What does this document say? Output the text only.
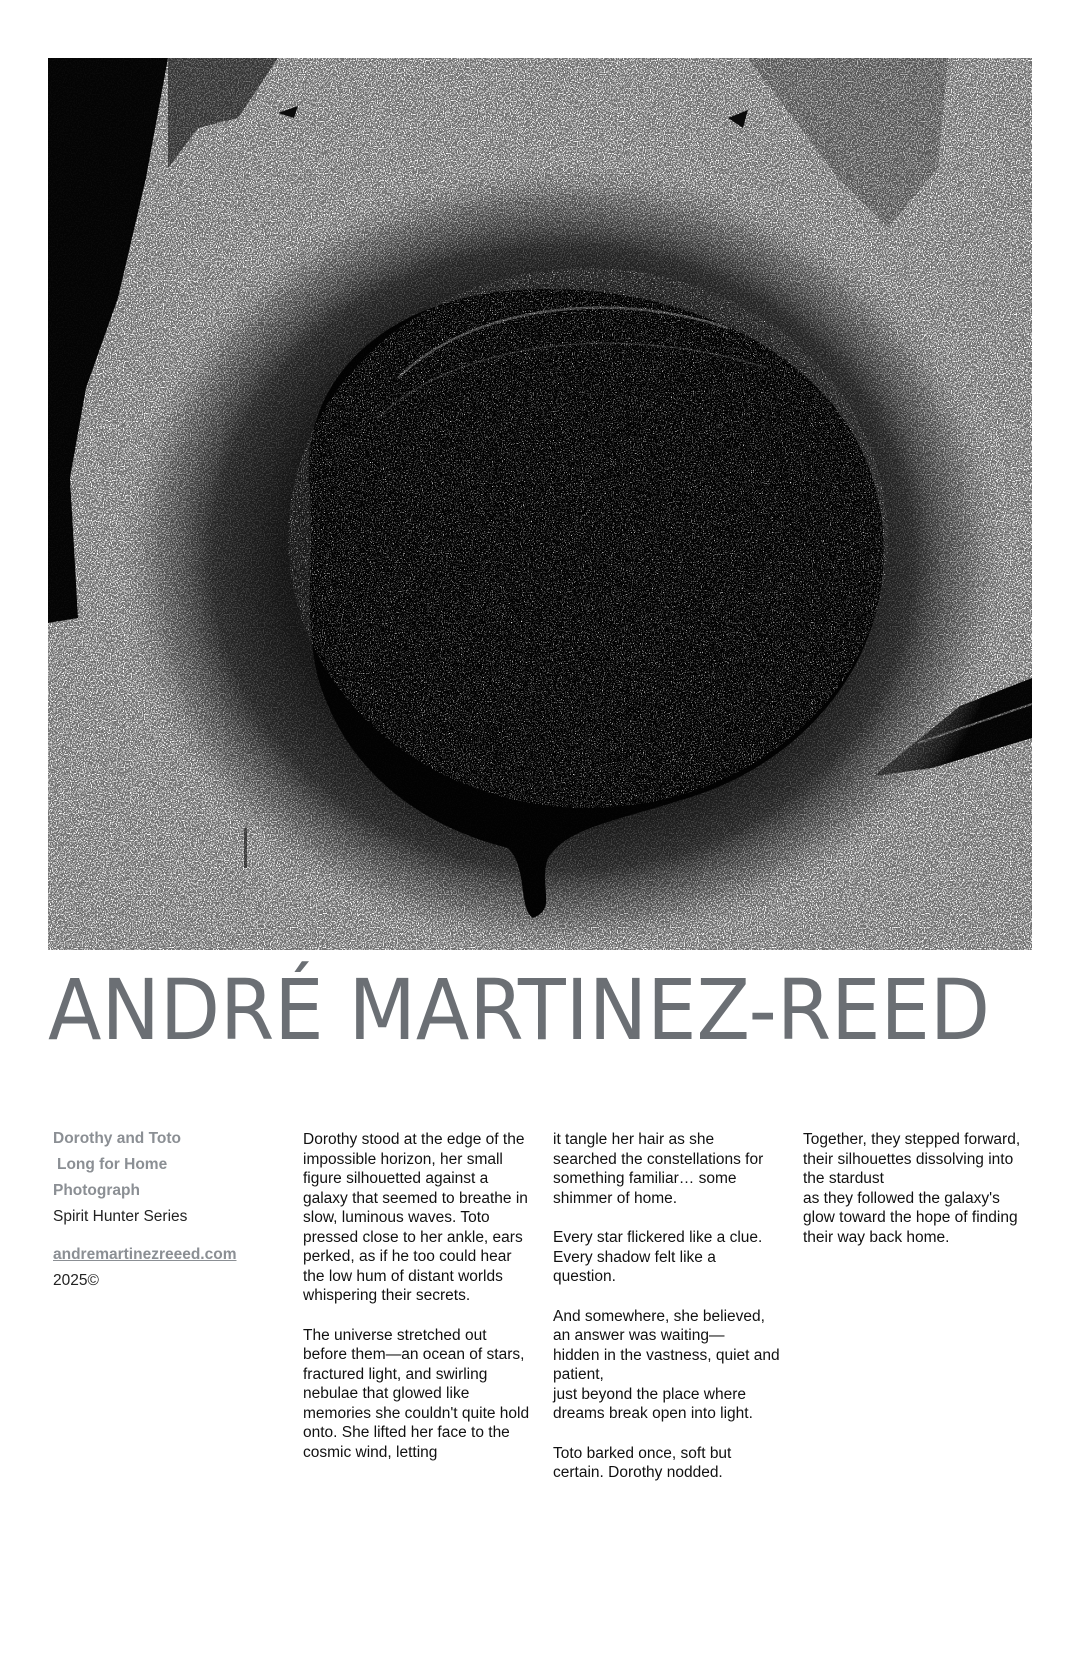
ANDRÉ MARTINEZ-REED
Dorothy and Toto
Long for Home
Photograph
Spirit Hunter Series
andremartinezreeed.com
2025©

Dorothy stood at the edge of the impossible horizon, her small figure silhouetted against a galaxy that seemed to breathe in slow, luminous waves. Toto pressed close to her ankle, ears perked, as if he too could hear the low hum of distant worlds whispering their secrets.

The universe stretched out before them—an ocean of stars, fractured light, and swirling nebulae that glowed like memories she couldn't quite hold onto. She lifted her face to the cosmic wind, letting

it tangle her hair as she searched the constellations for something familiar… some shimmer of home.

Every star flickered like a clue. Every shadow felt like a question.

And somewhere, she believed, an answer was waiting—
hidden in the vastness, quiet and patient,
just beyond the place where dreams break open into light.

Toto barked once, soft but certain. Dorothy nodded.

Together, they stepped forward, their silhouettes dissolving into the stardust
as they followed the galaxy's glow toward the hope of finding their way back home.
